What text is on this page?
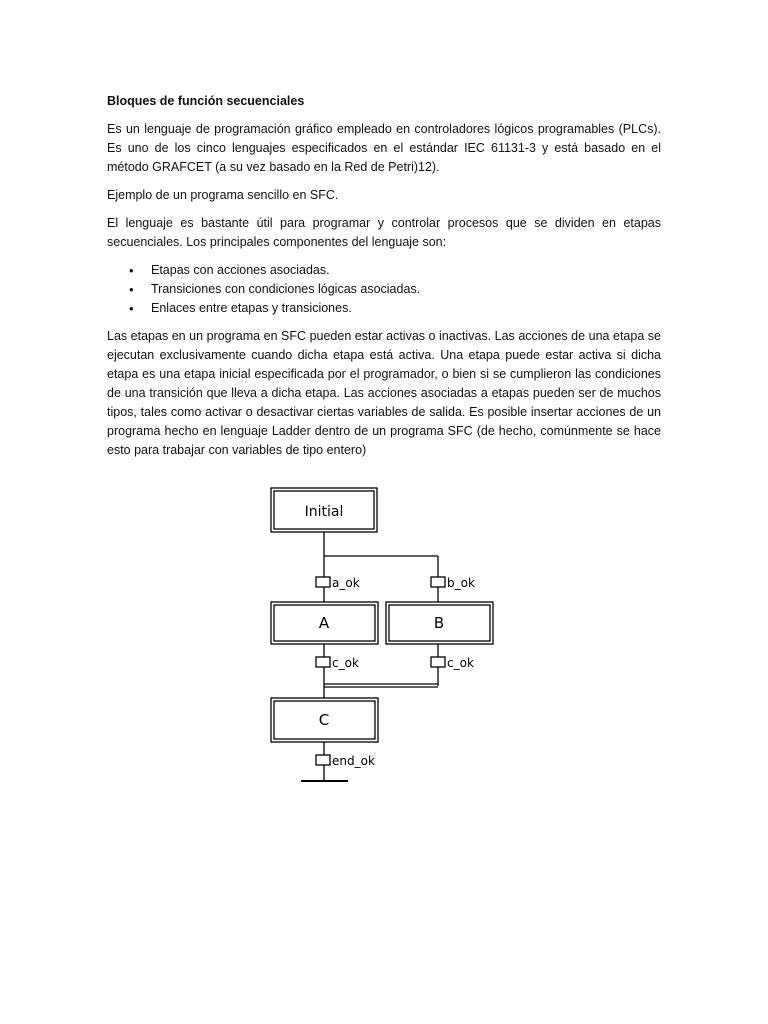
Bloques de función secuenciales

Es un lenguaje de programación gráfico empleado en controladores lógicos programables (PLCs). Es uno de los cinco lenguajes especificados en el estándar IEC 61131-3 y está basado en el método GRAFCET (a su vez basado en la Red de Petri)12).

Ejemplo de un programa sencillo en SFC.

El lenguaje es bastante útil para programar y controlar procesos que se dividen en etapas secuenciales. Los principales componentes del lenguaje son:

• Etapas con acciones asociadas.
• Transiciones con condiciones lógicas asociadas.
• Enlaces entre etapas y transiciones.

Las etapas en un programa en SFC pueden estar activas o inactivas. Las acciones de una etapa se ejecutan exclusivamente cuando dicha etapa está activa. Una etapa puede estar activa si dicha etapa es una etapa inicial especificada por el programador, o bien si se cumplieron las condiciones de una transición que lleva a dicha etapa. Las acciones asociadas a etapas pueden ser de muchos tipos, tales como activar o desactivar ciertas variables de salida. Es posible insertar acciones de un programa hecho en lenguaje Ladder dentro de un programa SFC (de hecho, comúnmente se hace esto para trabajar con variables de tipo entero)

Initial
A	B
C
a_ok	b_ok
c_ok	c_ok
end_ok
